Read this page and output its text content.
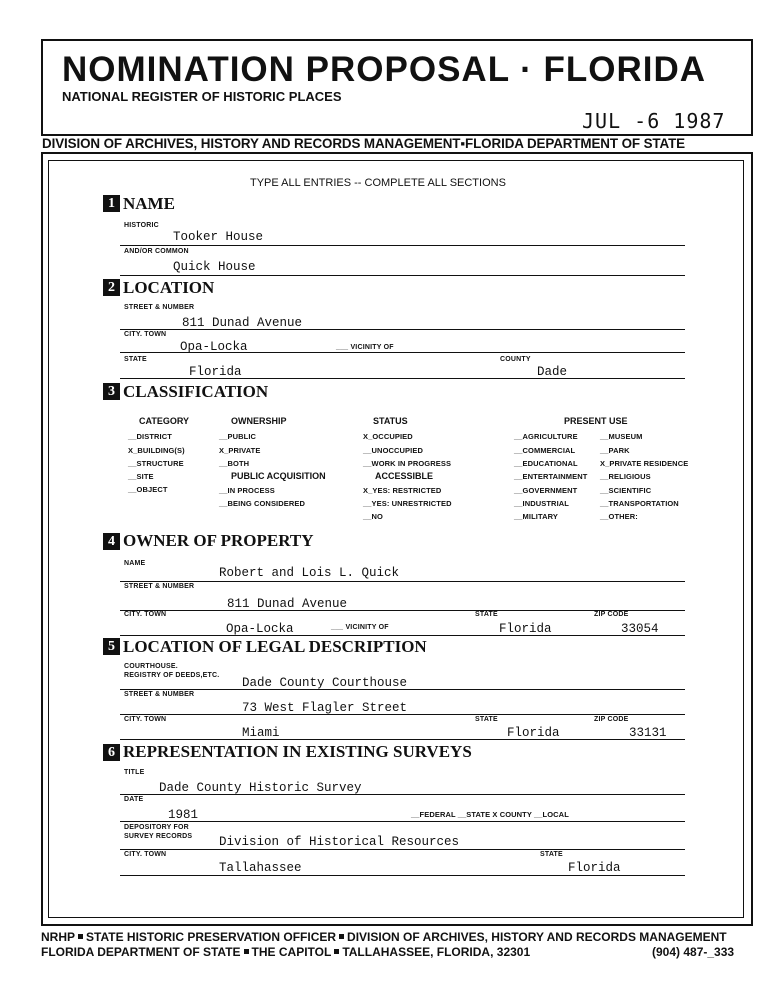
NOMINATION PROPOSAL · FLORIDA
NATIONAL REGISTER OF HISTORIC PLACES
JUL -6 1987
DIVISION OF ARCHIVES, HISTORY AND RECORDS MANAGEMENT▪FLORIDA DEPARTMENT OF STATE
TYPE ALL ENTRIES -- COMPLETE ALL SECTIONS
1 NAME
HISTORIC
Tooker House
AND/OR COMMON
Quick House
2 LOCATION
STREET & NUMBER
811 Dunad Avenue
CITY. TOWN
Opa-Locka	___ VICINITY OF
STATE	COUNTY
Florida	Dade
3 CLASSIFICATION
CATEGORY
__DISTRICT
X_BUILDING(S)
__STRUCTURE
__SITE
__OBJECT
OWNERSHIP
__PUBLIC
X_PRIVATE
__BOTH
PUBLIC ACQUISITION
__IN PROCESS
__BEING CONSIDERED
STATUS
X_OCCUPIED
__UNOCCUPIED
__WORK IN PROGRESS
ACCESSIBLE
X_YES: RESTRICTED
__YES: UNRESTRICTED
__NO
PRESENT USE
__AGRICULTURE
__COMMERCIAL
__EDUCATIONAL
__ENTERTAINMENT
__GOVERNMENT
__INDUSTRIAL
__MILITARY
__MUSEUM
__PARK
X_PRIVATE RESIDENCE
__RELIGIOUS
__SCIENTIFIC
__TRANSPORTATION
__OTHER:
4 OWNER OF PROPERTY
NAME
Robert and Lois L. Quick
STREET & NUMBER
811 Dunad Avenue
CITY. TOWN	STATE	ZIP CODE
Opa-Locka	___ VICINITY OF	Florida	33054
5 LOCATION OF LEGAL DESCRIPTION
COURTHOUSE.
REGISTRY OF DEEDS,ETC.
Dade County Courthouse
STREET & NUMBER
73 West Flagler Street
CITY. TOWN	STATE	ZIP CODE
Miami	Florida	33131
6 REPRESENTATION IN EXISTING SURVEYS
TITLE
Dade County Historic Survey
DATE
1981	__FEDERAL __STATE X COUNTY __LOCAL
DEPOSITORY FOR
SURVEY RECORDS Division of Historical Resources
CITY. TOWN	STATE
Tallahassee	Florida
NRHP STATE HISTORIC PRESERVATION OFFICER DIVISION OF ARCHIVES, HISTORY AND RECORDS MANAGEMENT
FLORIDA DEPARTMENT OF STATE THE CAPITOL TALLAHASSEE, FLORIDA, 32301	(904) 487-_333
